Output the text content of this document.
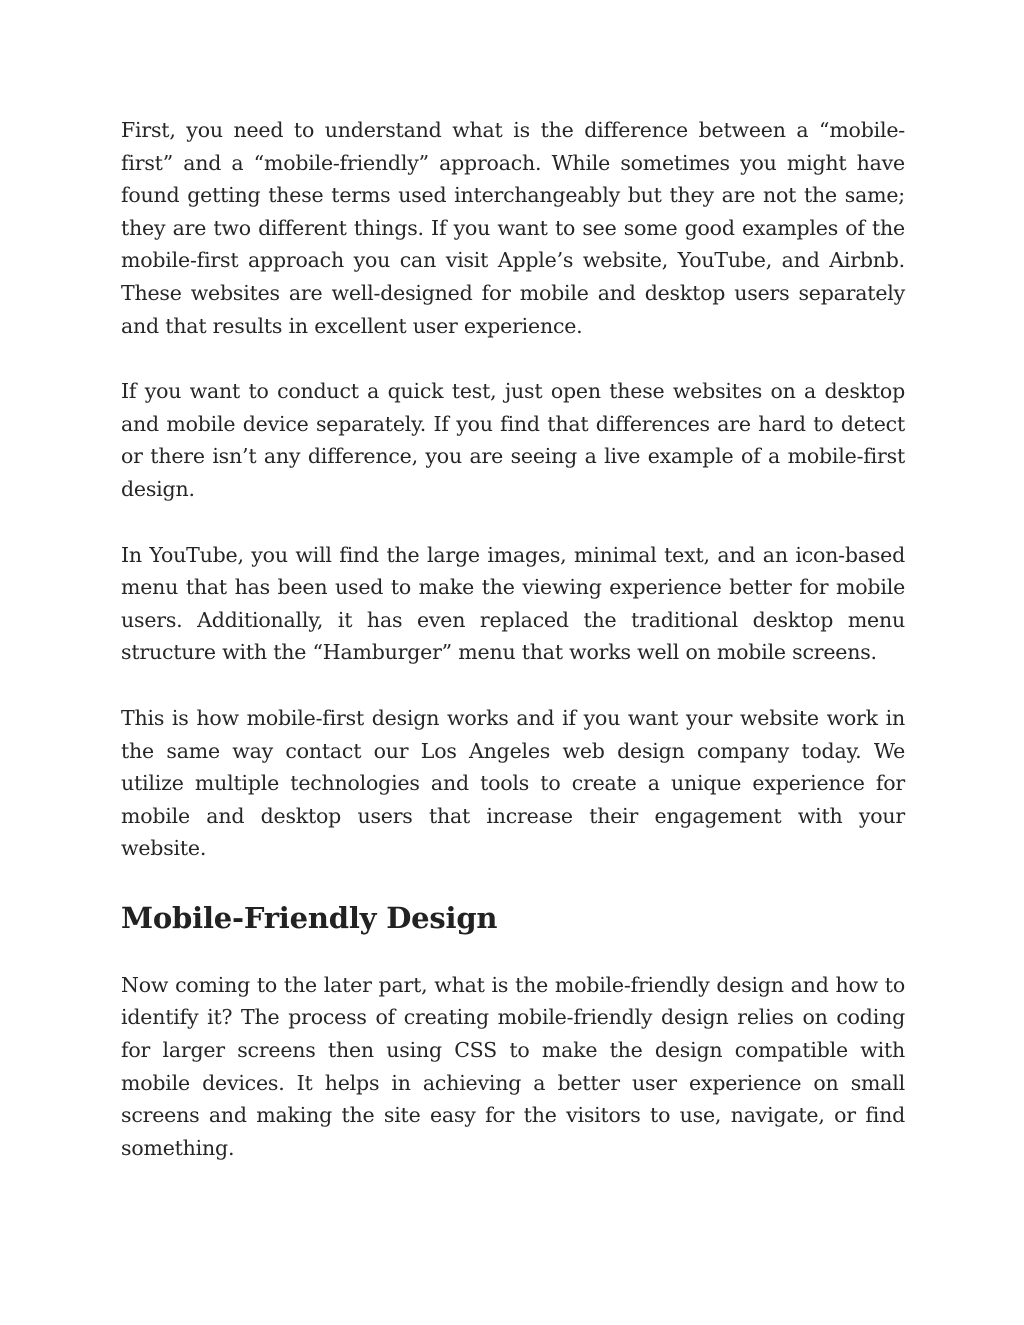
First, you need to understand what is the difference between a “mobile-first” and a “mobile-friendly” approach. While sometimes you might have found getting these terms used interchangeably but they are not the same; they are two different things. If you want to see some good examples of the mobile-first approach you can visit Apple’s website, YouTube, and Airbnb. These websites are well-designed for mobile and desktop users separately and that results in excellent user experience.

If you want to conduct a quick test, just open these websites on a desktop and mobile device separately. If you find that differences are hard to detect or there isn’t any difference, you are seeing a live example of a mobile-first design.

In YouTube, you will find the large images, minimal text, and an icon-based menu that has been used to make the viewing experience better for mobile users. Additionally, it has even replaced the traditional desktop menu structure with the “Hamburger” menu that works well on mobile screens.

This is how mobile-first design works and if you want your website work in the same way contact our Los Angeles web design company today. We utilize multiple technologies and tools to create a unique experience for mobile and desktop users that increase their engagement with your website.

Mobile-Friendly Design

Now coming to the later part, what is the mobile-friendly design and how to identify it? The process of creating mobile-friendly design relies on coding for larger screens then using CSS to make the design compatible with mobile devices. It helps in achieving a better user experience on small screens and making the site easy for the visitors to use, navigate, or find something.
